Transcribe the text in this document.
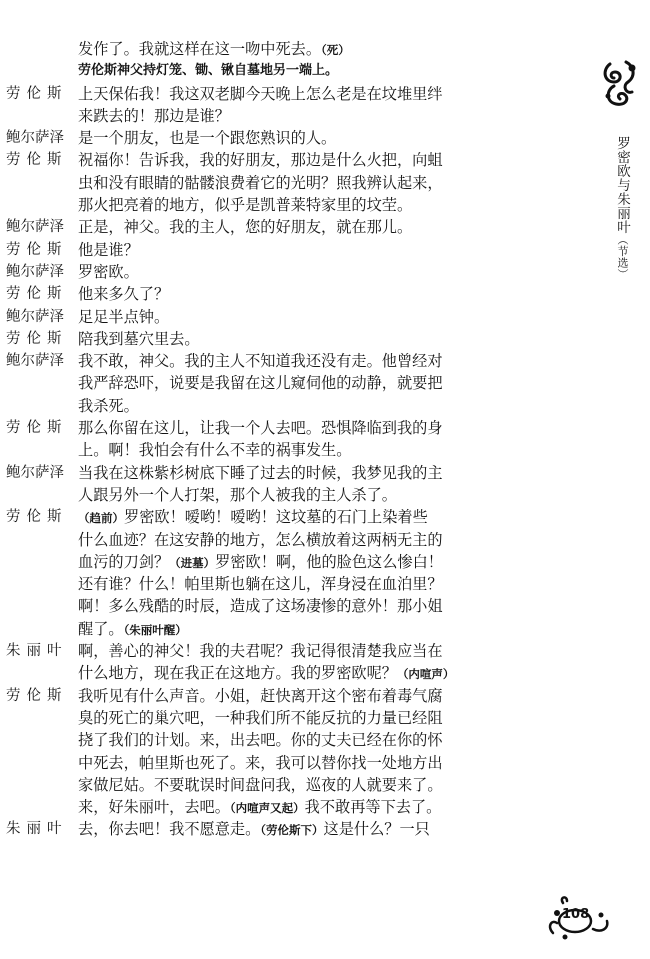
发作了。我就这样在这一吻中死去。（死）
劳伦斯神父持灯笼、锄、锹自墓地另一端上。
劳伦斯 上天保佑我！我这双老脚今天晚上怎么老是在坟堆里绊
来跌去的！那边是谁？
鲍尔萨泽 是一个朋友，也是一个跟您熟识的人。
劳伦斯 祝福你！告诉我，我的好朋友，那边是什么火把，向蛆
虫和没有眼睛的骷髅浪费着它的光明？照我辨认起来，
那火把亮着的地方，似乎是凯普莱特家里的坟茔。
鲍尔萨泽 正是，神父。我的主人，您的好朋友，就在那儿。
劳伦斯 他是谁？
鲍尔萨泽 罗密欧。
劳伦斯 他来多久了？
鲍尔萨泽 足足半点钟。
劳伦斯 陪我到墓穴里去。
鲍尔萨泽 我不敢，神父。我的主人不知道我还没有走。他曾经对
我严辞恐吓，说要是我留在这儿窥伺他的动静，就要把
我杀死。
劳伦斯 那么你留在这儿，让我一个人去吧。恐惧降临到我的身
上。啊！我怕会有什么不幸的祸事发生。
鲍尔萨泽 当我在这株紫杉树底下睡了过去的时候，我梦见我的主
人跟另外一个人打架，那个人被我的主人杀了。
劳伦斯 （趋前）罗密欧！嗳哟！嗳哟！这坟墓的石门上染着些
什么血迹？在这安静的地方，怎么横放着这两柄无主的
血污的刀剑？（进墓）罗密欧！啊，他的脸色这么惨白！
还有谁？什么！帕里斯也躺在这儿，浑身浸在血泊里？
啊！多么残酷的时辰，造成了这场凄惨的意外！那小姐
醒了。（朱丽叶醒）
朱丽叶 啊，善心的神父！我的夫君呢？我记得很清楚我应当在
什么地方，现在我正在这地方。我的罗密欧呢？（内喧声）
劳伦斯 我听见有什么声音。小姐，赶快离开这个密布着毒气腐
臭的死亡的巢穴吧，一种我们所不能反抗的力量已经阻
挠了我们的计划。来，出去吧。你的丈夫已经在你的怀
中死去，帕里斯也死了。来，我可以替你找一处地方出
家做尼姑。不要耽误时间盘问我，巡夜的人就要来了。
来，好朱丽叶，去吧。（内喧声又起）我不敢再等下去了。
朱丽叶 去，你去吧！我不愿意走。（劳伦斯下）这是什么？一只
罗密欧与朱丽叶（节选）
108
